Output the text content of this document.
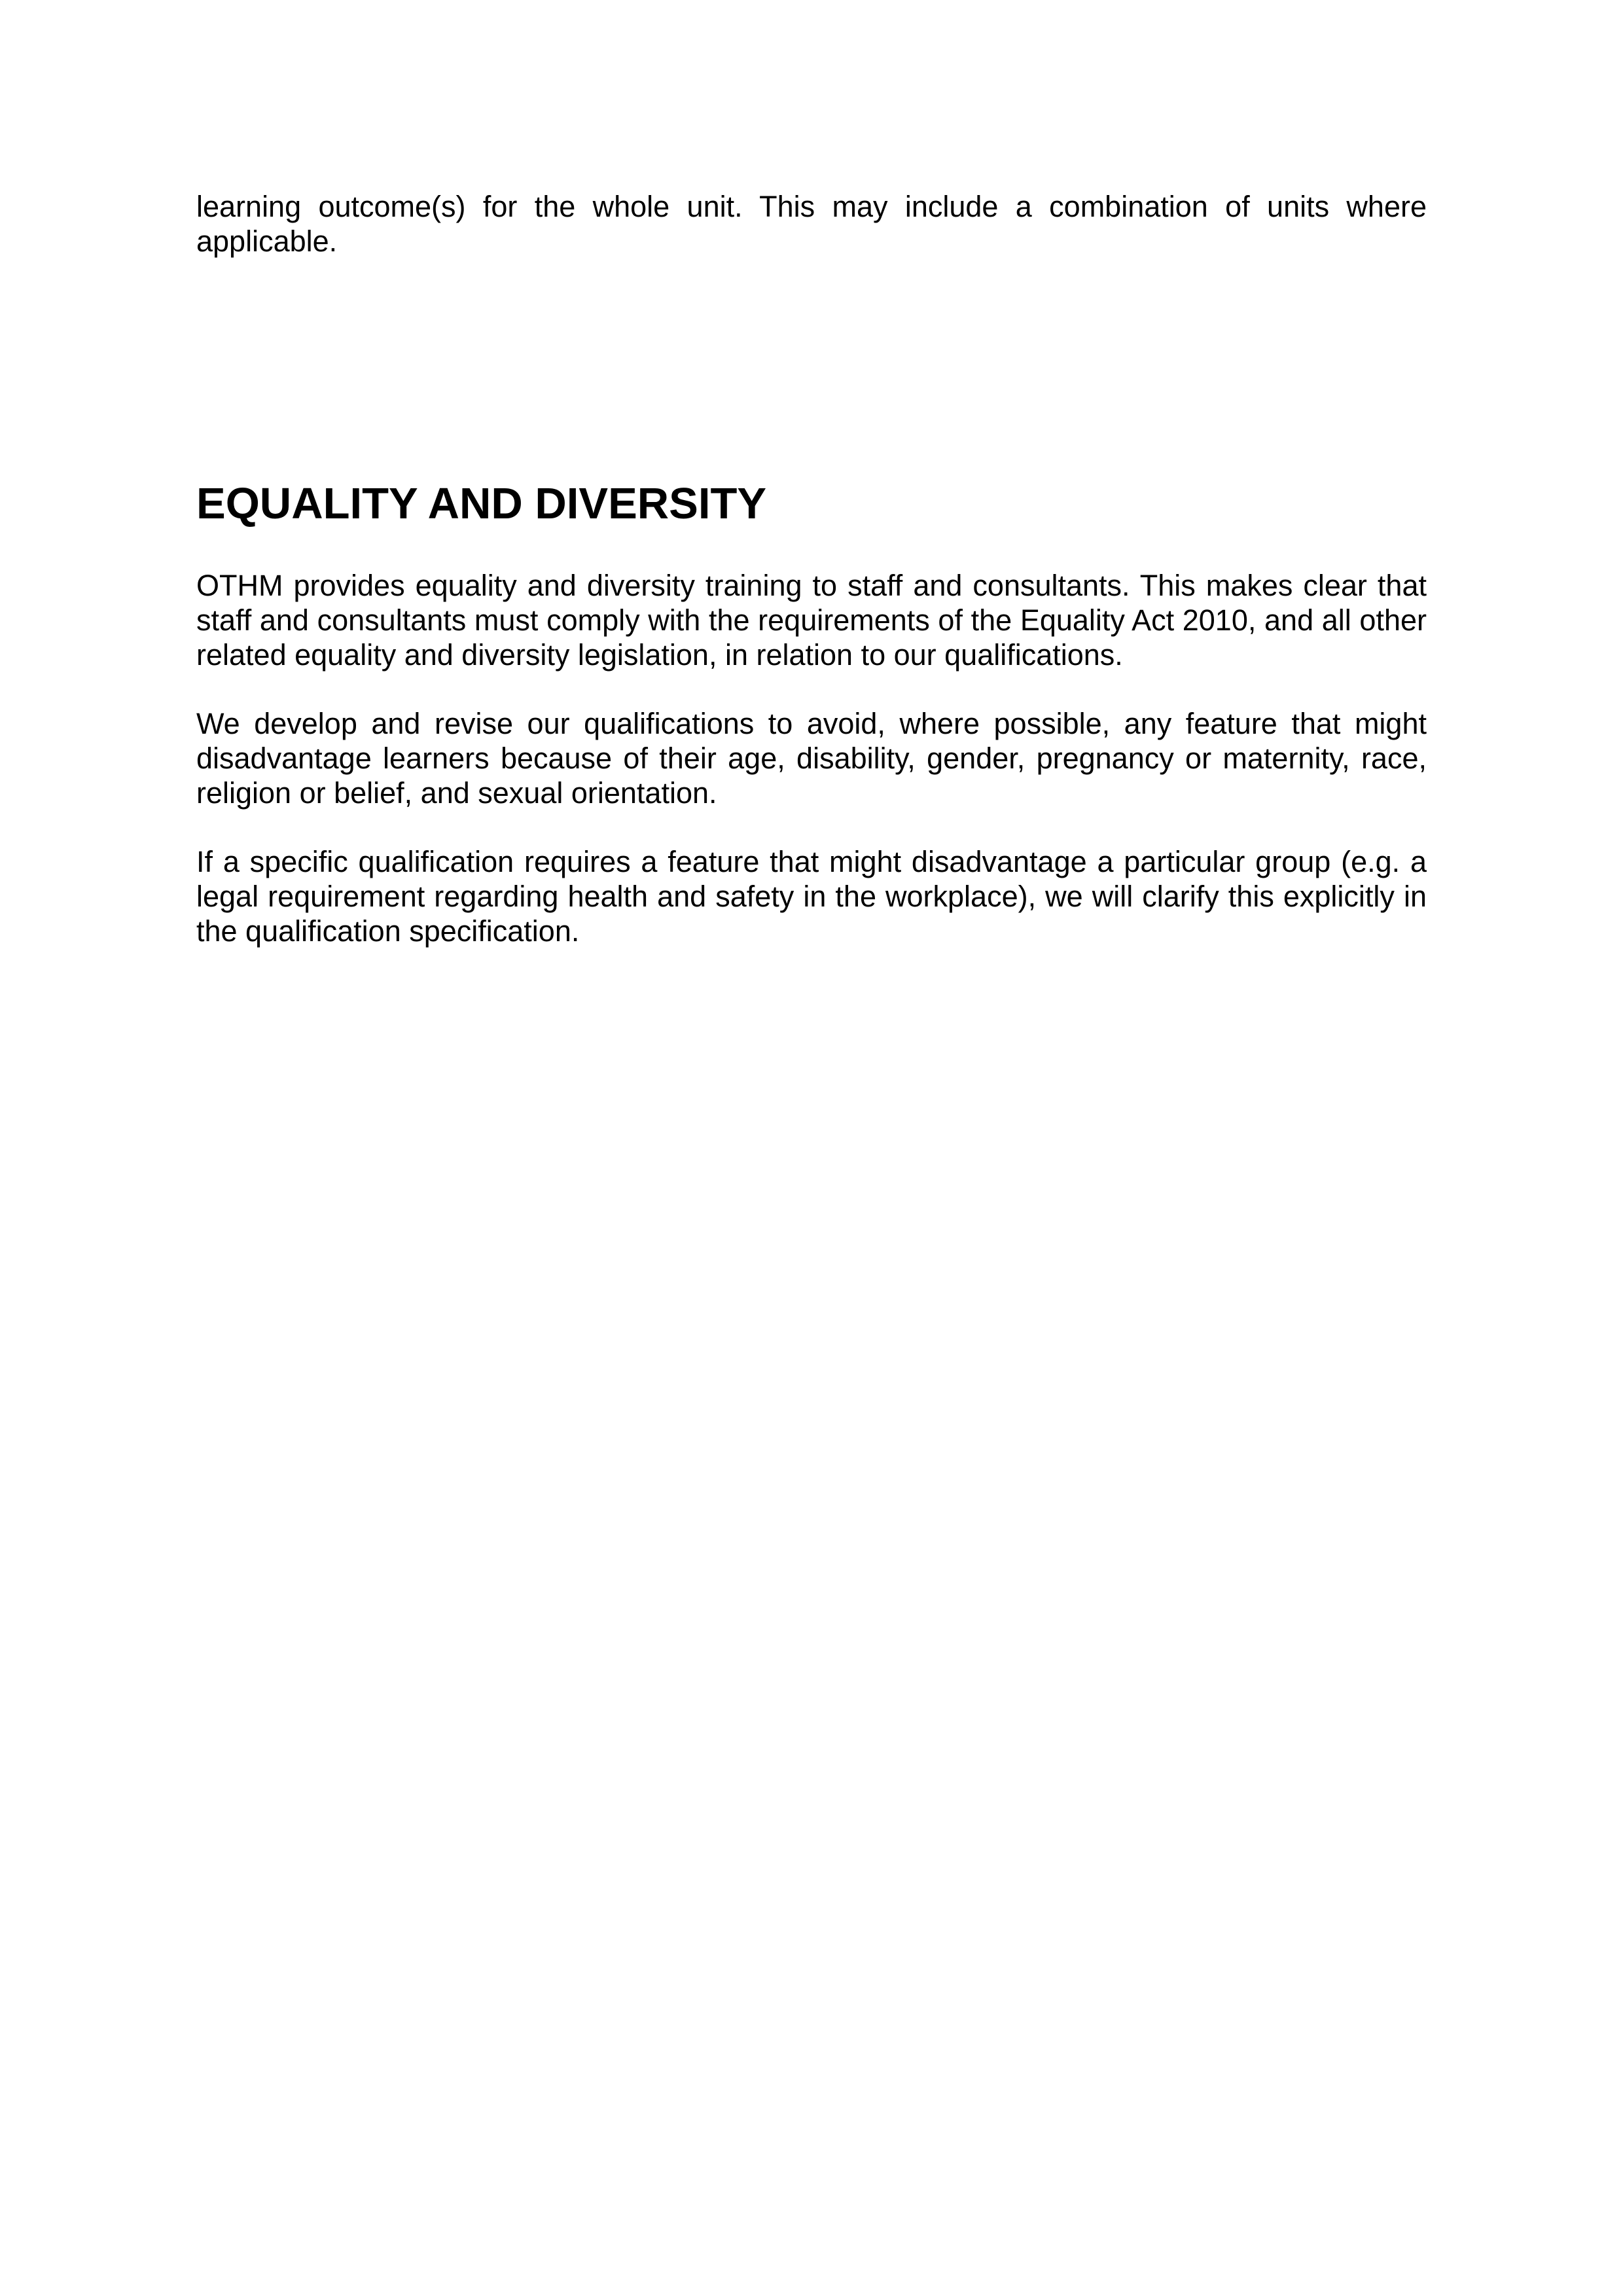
learning outcome(s) for the whole unit. This may include a combination of units where applicable.

EQUALITY AND DIVERSITY

OTHM provides equality and diversity training to staff and consultants. This makes clear that staff and consultants must comply with the requirements of the Equality Act 2010, and all other related equality and diversity legislation, in relation to our qualifications.

We develop and revise our qualifications to avoid, where possible, any feature that might disadvantage learners because of their age, disability, gender, pregnancy or maternity, race, religion or belief, and sexual orientation.

If a specific qualification requires a feature that might disadvantage a particular group (e.g. a legal requirement regarding health and safety in the workplace), we will clarify this explicitly in the qualification specification.
